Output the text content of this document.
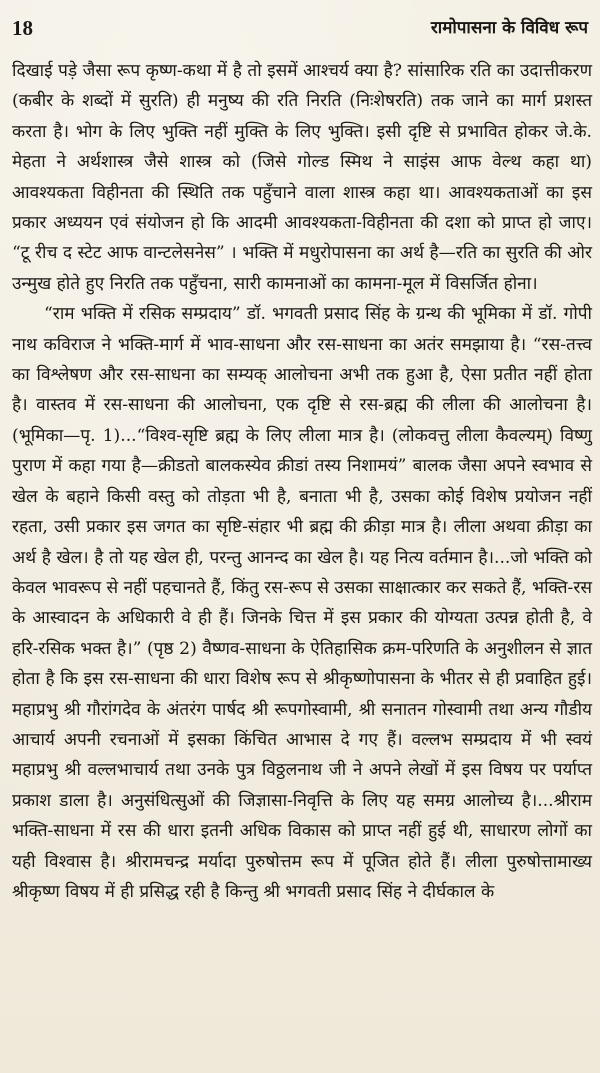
18	रामोपासना के विविध रूप

दिखाई पड़े जैसा रूप कृष्ण-कथा में है तो इसमें आश्चर्य क्या है? सांसारिक रति का उदात्तीकरण (कबीर के शब्दों में सुरति) ही मनुष्य की रति निरति (निःशेषरति) तक जाने का मार्ग प्रशस्त करता है। भोग के लिए भुक्ति नहीं मुक्ति के लिए भुक्ति। इसी दृष्टि से प्रभावित होकर जे.के. मेहता ने अर्थशास्त्र जैसे शास्त्र को (जिसे गोल्ड स्मिथ ने साइंस आफ वेल्थ कहा था) आवश्यकता विहीनता की स्थिति तक पहुँचाने वाला शास्त्र कहा था। आवश्यकताओं का इस प्रकार अध्ययन एवं संयोजन हो कि आदमी आवश्यकता-विहीनता की दशा को प्राप्त हो जाए। “टू रीच द स्टेट आफ वान्टलेसनेस” । भक्ति में मधुरोपासना का अर्थ है—रति का सुरति की ओर उन्मुख होते हुए निरति तक पहुँचना, सारी कामनाओं का कामना-मूल में विसर्जित होना।

“राम भक्ति में रसिक सम्प्रदाय” डॉ. भगवती प्रसाद सिंह के ग्रन्थ की भूमिका में डॉ. गोपी नाथ कविराज ने भक्ति-मार्ग में भाव-साधना और रस-साधना का अतंर समझाया है। “रस-तत्त्व का विश्लेषण और रस-साधना का सम्यक् आलोचना अभी तक हुआ है, ऐसा प्रतीत नहीं होता है। वास्तव में रस-साधना की आलोचना, एक दृष्टि से रस-ब्रह्म की लीला की आलोचना है। (भूमिका—पृ. 1)...“विश्व-सृष्टि ब्रह्म के लिए लीला मात्र है। (लोकवत्तु लीला कैवल्यम्) विष्णु पुराण में कहा गया है—क्रीडतो बालकस्येव क्रीडां तस्य निशामयं” बालक जैसा अपने स्वभाव से खेल के बहाने किसी वस्तु को तोड़ता भी है, बनाता भी है, उसका कोई विशेष प्रयोजन नहीं रहता, उसी प्रकार इस जगत का सृष्टि-संहार भी ब्रह्म की क्रीड़ा मात्र है। लीला अथवा क्रीड़ा का अर्थ है खेल। है तो यह खेल ही, परन्तु आनन्द का खेल है। यह नित्य वर्तमान है।...जो भक्ति को केवल भावरूप से नहीं पहचानते हैं, किंतु रस-रूप से उसका साक्षात्कार कर सकते हैं, भक्ति-रस के आस्वादन के अधिकारी वे ही हैं। जिनके चित्त में इस प्रकार की योग्यता उत्पन्न होती है, वे हरि-रसिक भक्त है।” (पृष्ठ 2) वैष्णव-साधना के ऐतिहासिक क्रम-परिणति के अनुशीलन से ज्ञात होता है कि इस रस-साधना की धारा विशेष रूप से श्रीकृष्णोपासना के भीतर से ही प्रवाहित हुई। महाप्रभु श्री गौरांगदेव के अंतरंग पार्षद श्री रूपगोस्वामी, श्री सनातन गोस्वामी तथा अन्य गौडीय आचार्य अपनी रचनाओं में इसका किंचित आभास दे गए हैं। वल्लभ सम्प्रदाय में भी स्वयं महाप्रभु श्री वल्लभाचार्य तथा उनके पुत्र विठ्ठलनाथ जी ने अपने लेखों में इस विषय पर पर्याप्त प्रकाश डाला है। अनुसंधित्सुओं की जिज्ञासा-निवृत्ति के लिए यह समग्र आलोच्य है।...श्रीराम भक्ति-साधना में रस की धारा इतनी अधिक विकास को प्राप्त नहीं हुई थी, साधारण लोगों का यही विश्वास है। श्रीरामचन्द्र मर्यादा पुरुषोत्तम रूप में पूजित होते हैं। लीला पुरुषोत्तामाख्य श्रीकृष्ण विषय में ही प्रसिद्ध रही है किन्तु श्री भगवती प्रसाद सिंह ने दीर्घकाल के
